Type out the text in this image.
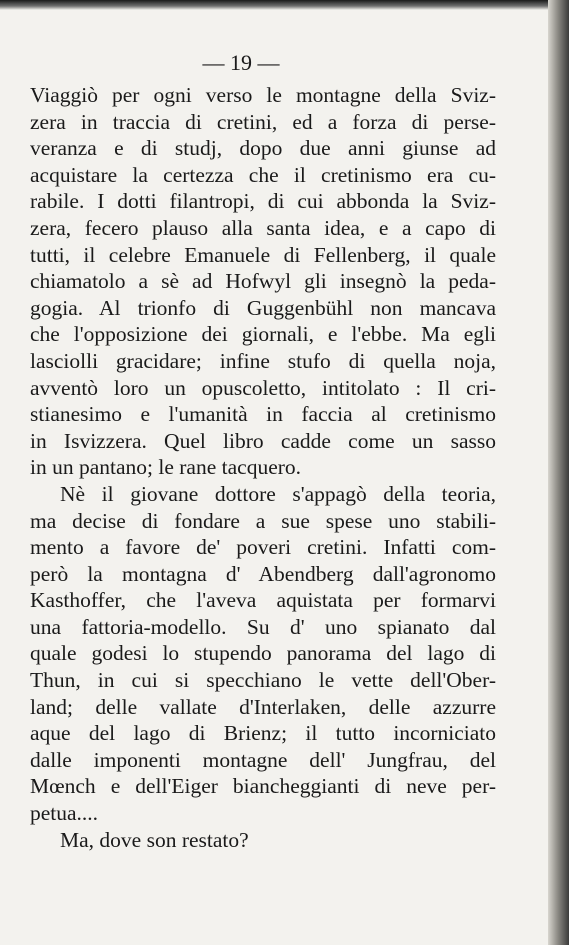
— 19 —
Viaggiò per ogni verso le montagne della Sviz-
zera in traccia di cretini, ed a forza di perse-
veranza e di studj, dopo due anni giunse ad
acquistare la certezza che il cretinismo era cu-
rabile. I dotti filantropi, di cui abbonda la Sviz-
zera, fecero plauso alla santa idea, e a capo di
tutti, il celebre Emanuele di Fellenberg, il quale
chiamatolo a sè ad Hofwyl gli insegnò la peda-
gogia. Al trionfo di Guggenbühl non mancava
che l'opposizione dei giornali, e l'ebbe. Ma egli
lasciolli gracidare; infine stufo di quella noja,
avventò loro un opuscoletto, intitolato : Il cri-
stianesimo e l'umanità in faccia al cretinismo
in Isvizzera. Quel libro cadde come un sasso
in un pantano; le rane tacquero.
Nè il giovane dottore s'appagò della teoria,
ma decise di fondare a sue spese uno stabili-
mento a favore de' poveri cretini. Infatti com-
però la montagna d' Abendberg dall'agronomo
Kasthoffer, che l'aveva aquistata per formarvi
una fattoria-modello. Su d' uno spianato dal
quale godesi lo stupendo panorama del lago di
Thun, in cui si specchiano le vette dell'Ober-
land; delle vallate d'Interlaken, delle azzurre
aque del lago di Brienz; il tutto incorniciato
dalle imponenti montagne dell' Jungfrau, del
Mœnch e dell'Eiger biancheggianti di neve per-
petua....
Ma, dove son restato?
